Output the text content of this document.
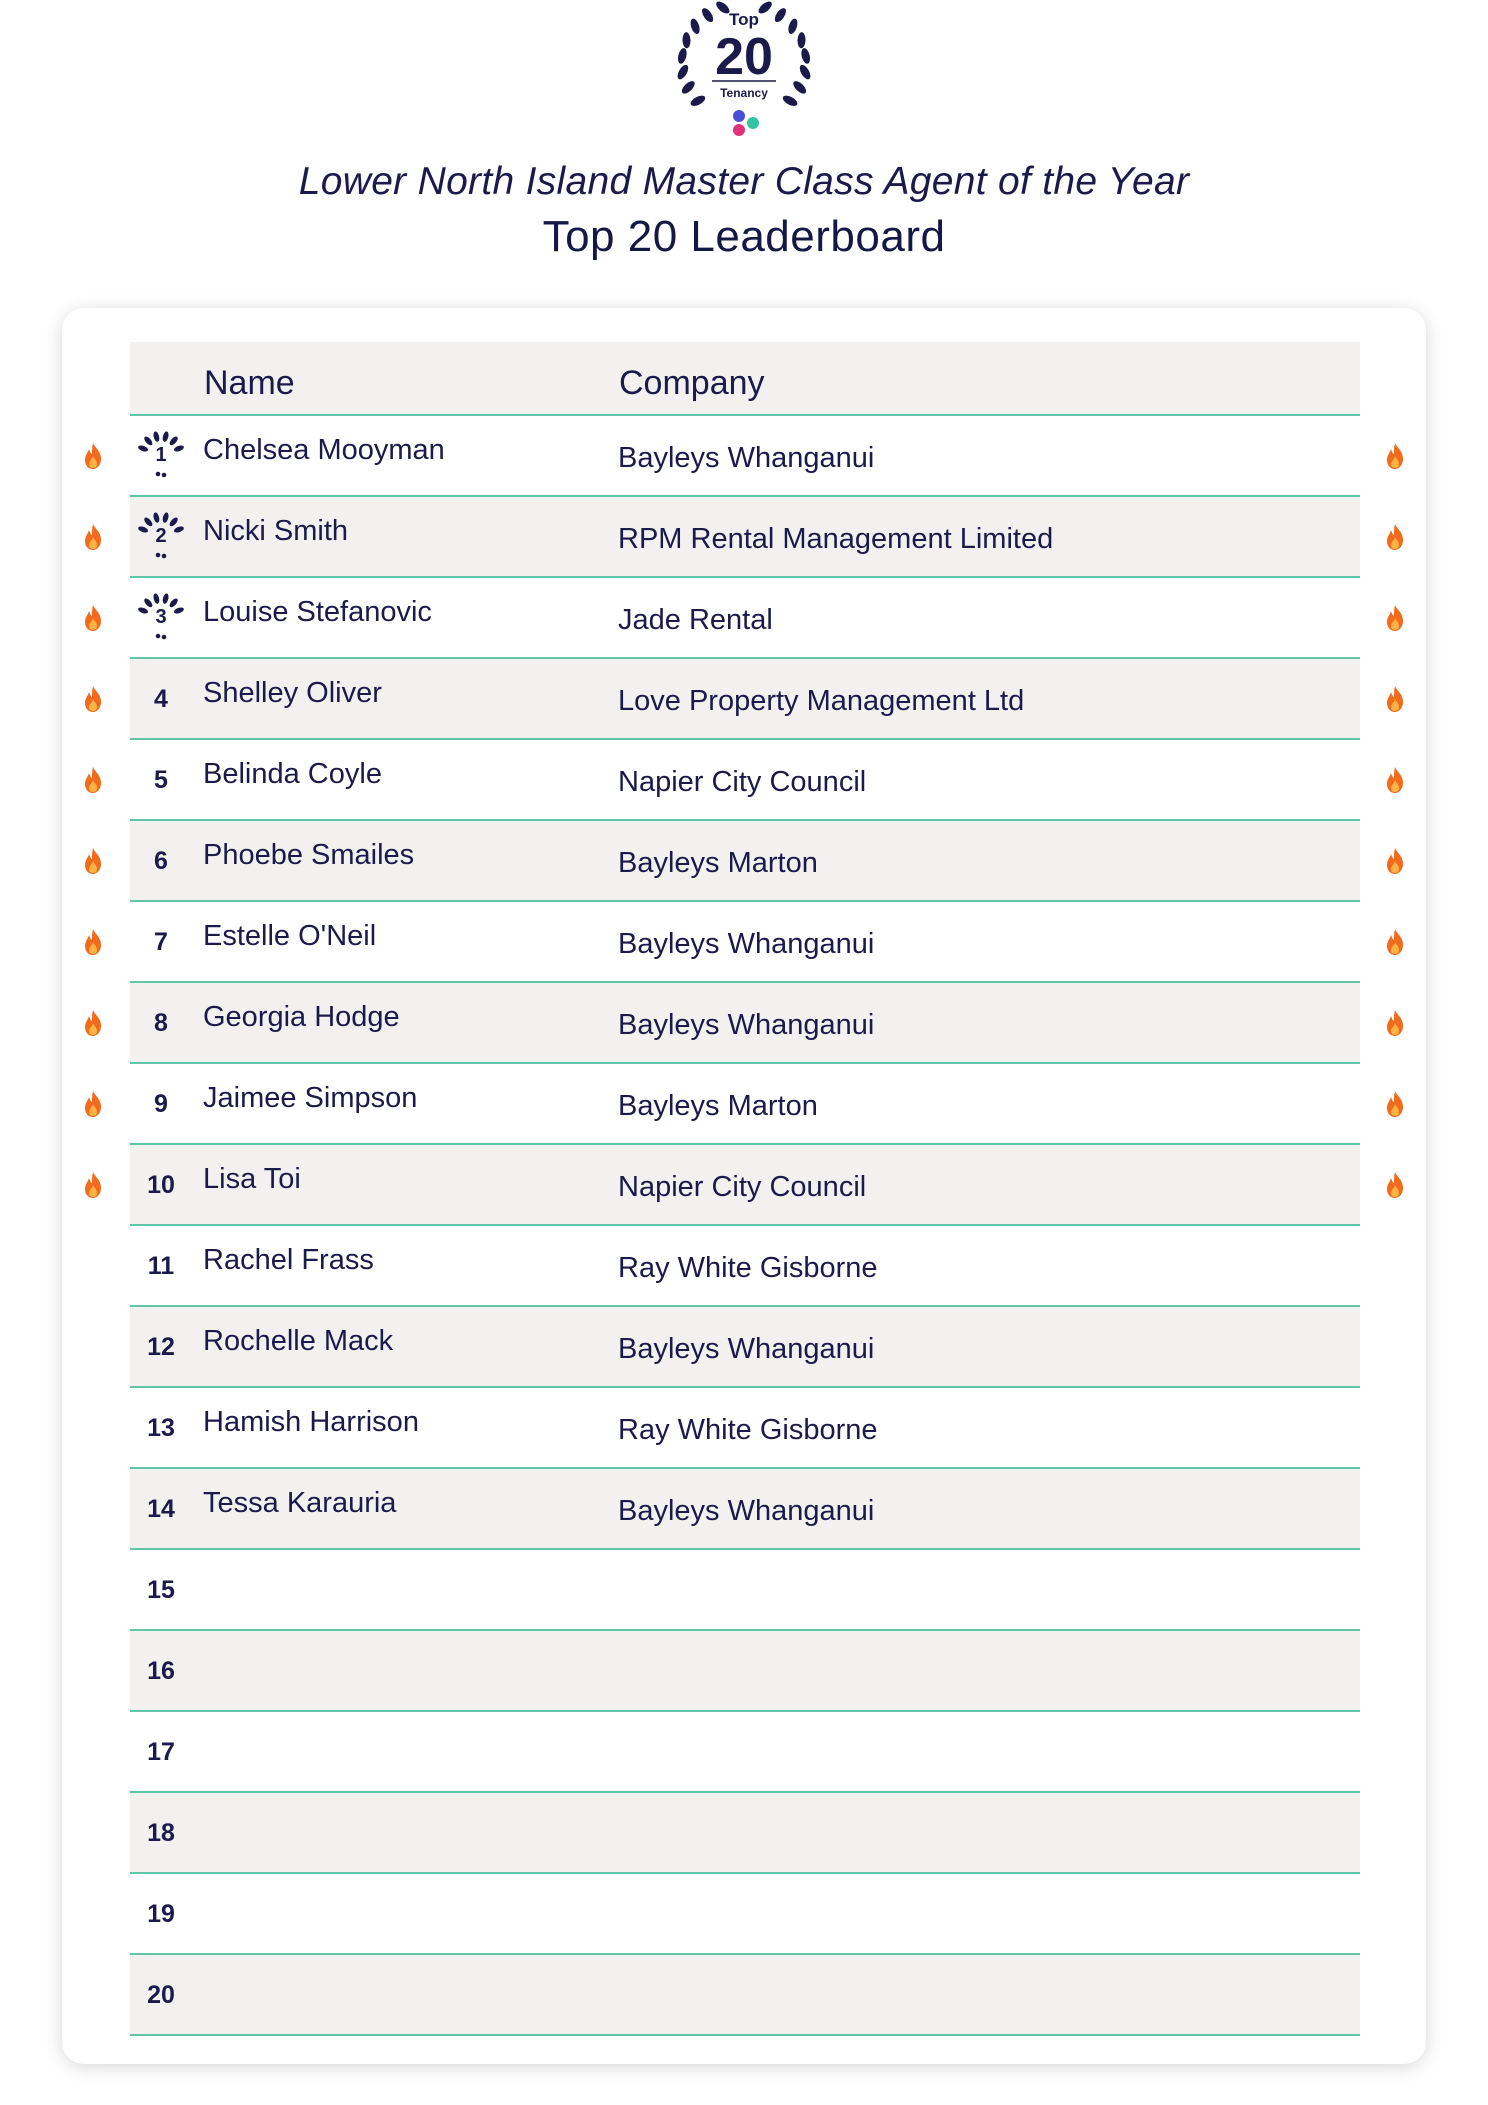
Top
20
Tenancy
Lower North Island Master Class Agent of the Year
Top 20 Leaderboard
Name	Company
1 Chelsea Mooyman	Bayleys Whanganui
2 Nicki Smith	RPM Rental Management Limited
3 Louise Stefanovic	Jade Rental
4	Shelley Oliver	Love Property Management Ltd
5	Belinda Coyle	Napier City Council
6	Phoebe Smailes	Bayleys Marton
7	Estelle O'Neil	Bayleys Whanganui
8	Georgia Hodge	Bayleys Whanganui
9	Jaimee Simpson	Bayleys Marton
10 Lisa Toi	Napier City Council
11 Rachel Frass	Ray White Gisborne
12 Rochelle Mack	Bayleys Whanganui
13 Hamish Harrison	Ray White Gisborne
14 Tessa Karauria	Bayleys Whanganui
15
16
17
18
19
20
